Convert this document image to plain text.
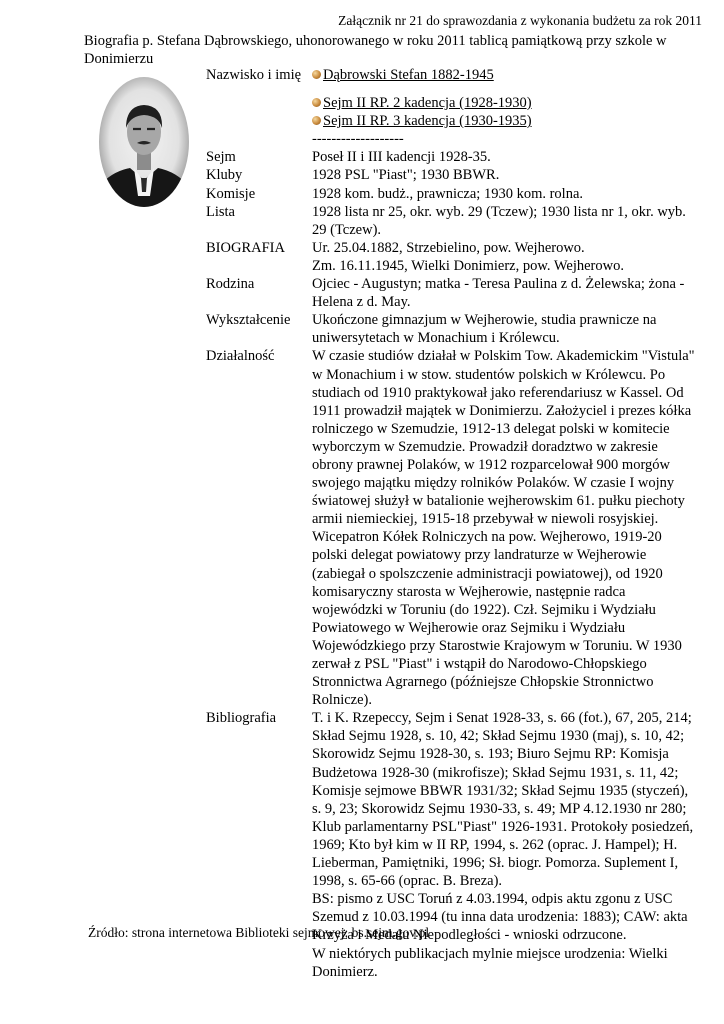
Załącznik nr 21 do sprawozdania z wykonania budżetu za rok 2011
Biografia p. Stefana Dąbrowskiego, uhonorowanego w roku 2011 tablicą pamiątkową przy szkole w Donimierzu
Nazwisko i imię	Dąbrowski Stefan 1882-1945

	Sejm II RP. 2 kadencja (1928-1930)
Sejm II RP. 3 kadencja (1930-1935)
-------------------

Sejm	Poseł II i III kadencji 1928-35.
Kluby	1928 PSL "Piast"; 1930 BBWR.
Komisje	1928 kom. budż., prawnicza; 1930 kom. rolna.
Lista	1928 lista nr 25, okr. wyb. 29 (Tczew); 1930 lista nr 1, okr. wyb. 29 (Tczew).
BIOGRAFIA	Ur. 25.04.1882, Strzebielino, pow. Wejherowo.
Zm. 16.11.1945, Wielki Donimierz, pow. Wejherowo.

Rodzina	Ojciec - Augustyn; matka - Teresa Paulina z d. Żelewska; żona - Helena z d. May.
Wykształcenie	Ukończone gimnazjum w Wejherowie, studia prawnicze na uniwersytetach w Monachium i Królewcu.
Działalność	W czasie studiów działał w Polskim Tow. Akademickim "Vistula" w Monachium i w stow. studentów polskich w Królewcu. Po studiach od 1910 praktykował jako referendariusz w Kassel. Od 1911 prowadził majątek w Donimierzu. Założyciel i prezes kółka rolniczego w Szemudzie, 1912-13 delegat polski w komitecie wyborczym w Szemudzie. Prowadził doradztwo w zakresie obrony prawnej Polaków, w 1912 rozparcelował 900 morgów swojego majątku między rolników Polaków. W czasie I wojny światowej służył w batalionie wejherowskim 61. pułku piechoty armii niemieckiej, 1915-18 przebywał w niewoli rosyjskiej. Wicepatron Kółek Rolniczych na pow. Wejherowo, 1919-20 polski delegat powiatowy przy landraturze w Wejherowie (zabiegał o spolszczenie administracji powiatowej), od 1920 komisaryczny starosta w Wejherowie, następnie radca wojewódzki w Toruniu (do 1922). Czł. Sejmiku i Wydziału Powiatowego w Wejherowie oraz Sejmiku i Wydziału Wojewódzkiego przy Starostwie Krajowym w Toruniu. W 1930 zerwał z PSL "Piast" i wstąpił do Narodowo-Chłopskiego Stronnictwa Agrarnego (późniejsze Chłopskie Stronnictwo Rolnicze).
Bibliografia	T. i K. Rzepeccy, Sejm i Senat 1928-33, s. 66 (fot.), 67, 205, 214; Skład Sejmu 1928, s. 10, 42; Skład Sejmu 1930 (maj), s. 10, 42; Skorowidz Sejmu 1928-30, s. 193; Biuro Sejmu RP: Komisja Budżetowa 1928-30 (mikrofisze); Skład Sejmu 1931, s. 11, 42; Komisje sejmowe BBWR 1931/32; Skład Sejmu 1935 (styczeń), s. 9, 23; Skorowidz Sejmu 1930-33, s. 49; MP 4.12.1930 nr 280; Klub parlamentarny PSL"Piast" 1926-1931. Protokoły posiedzeń, 1969; Kto był kim w II RP, 1994, s. 262 (oprac. J. Hampel); H. Lieberman, Pamiętniki, 1996; Sł. biogr. Pomorza. Suplement I, 1998, s. 65-66 (oprac. B. Breza).
BS: pismo z USC Toruń z 4.03.1994, odpis aktu zgonu z USC Szemud z 10.03.1994 (tu inna data urodzenia: 1883); CAW: akta Krzyża i Medalu Niepodległości - wnioski odrzucone.
W niektórych publikacjach mylnie miejsce urodzenia: Wielki Donimierz.
Źródło: strona internetowa Biblioteki sejmowej: bs.sejm.gov.pl
